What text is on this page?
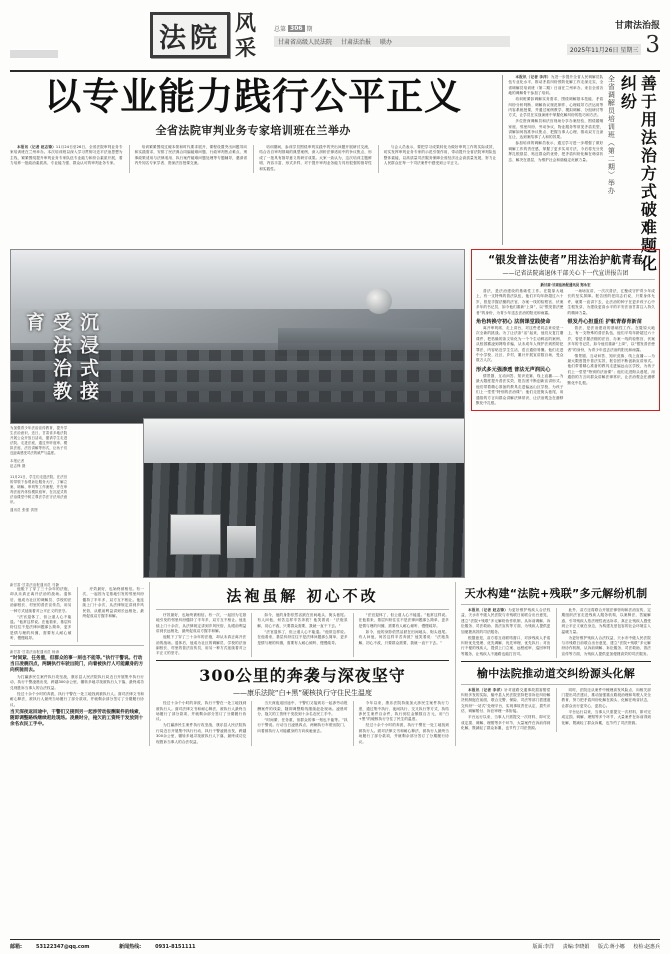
法院 风
采
总第 306 期
甘肃省高级人民法院 甘肃法治报 联办
甘肃法治报
2025年11月26日 星期三 3
以专业能力践行公平正义
全省法院审判业务专家培训班在兰举办

本报讯（记者 赵志锋）11月24日至26日，全省法院审判业务专家培训班在兰州举办。本次培训班以深入学习贯彻习近平法治思想为主线，紧紧围绕提升审判业务专家队伍专业能力和综合素质开展，着力培养一批政治素质高、专业能力强、群众认可的审判业务专家。

培训紧紧围绕过硬本领和时代要求展开，课程设置突出问题导向和实践需求，安排了民法典合同编疑难问题、行政审判热点难点、刑事政策适用与法律适用、执行案件疑难问题处理等专题辅导，邀请省内外知名专家学者、资深法官授课交流。

培训期间，参训学员围绕审判实践中的突出问题开展研讨交流，结合各自审判领域的典型案例，深入剖析法律适用中的争议焦点，形成了一批具有指导意义的研讨成果。大家一致认为，这次培训主题鲜明、内容丰富、形式多样，对于提升审判业务能力具有很强的指导性和实践性。

与会人员表示，要把学习成果转化为做好审判工作的实际成效，切实发挥审判业务专家的示范引领作用，带动提升全省法院审判队伍整体素能，以高质量司法服务保障全省经济社会高质量发展，努力让人民群众在每一个司法案件中感受到公平正义。

本报讯（记者 李洋）为进一步提升全省人民调解员队伍专业化水平，推动矛盾纠纷预防化解工作走深走实，全省调解员培训班（第二期）日前在兰州举办，来自全省各地的调解骨干参加了培训。

培训班紧扣调解实务需求，围绕调解基本技能、矛盾纠纷分析判断、调解协议规范制作、心理疏导方法运用等内容系统授课，并通过案例教学、模拟调解、分组研讨等方式，让学员在实战演练中掌握化解纠纷的技巧和方法。

多位资深调解员和法官现场分享办案经验，围绕婚姻家庭、邻里纠纷、劳动争议、物业服务等常见矛盾类型，讲解如何找准争议焦点、把握当事人心理、推动双方互谅互让，达到案结事了人和的效果。

参加培训的调解员表示，通过学习进一步增强了做好调解工作的责任感，掌握了更多实用方法，今后将充分发挥扎根基层、贴近群众的优势，把矛盾纠纷化解在萌芽状态、解决在基层，为维护社会和谐稳定贡献力量。	善于用法治方式破难题化纠纷
全省调解员培训班（第二期）举办
沉浸式接受法治教育
为加强青少年法治宣传教育，提升学生法治意识，近日，甘肃省多地法院开展公众开放日活动，邀请学生走进法院、走进法庭，通过旁听庭审、模拟法庭、法官讲解等形式，让孩子们近距离感受司法的威严与温度。
本报记者
赵志锋 摄
11月21日，学生们走进法院，在法官的带领下参观诉讼服务大厅，了解立案、调解、审判等工作流程，并在审判法庭内体验模拟庭审，在沉浸式的法治课堂中树立尊法学法守法用法意识。
通讯员 张强 供图
“银发普法使者”用法治护航青春
——记省法院离退休干部关心下一代宣讲报告团
新甘肃·甘肃法治报通讯员 郑永宏

普法，是法治建设的基础性工作。在陇原大地上，有一支特殊的普法队伍，他们平均年龄超过六十岁，曾是手握法槌的法官、办案一线的检察官、伏案多年的书记员，如今他们重新“上岗”，以“银发普法使者”的身份，为青少年送去法治的阳光和雨露。

角色转换守初心 法润课堂践使命

离开审判席，走上讲台，对这些老同志来说是一次全新的挑战。为了让法条“活”起来，他们反复打磨课件，把枯燥的条文转化为一个个生动鲜活的案例，从校园霸凌到网络诈骗，从未成年人保护法到预防犯罪法，内容贴近学生生活，语言通俗易懂。他们走进中小学校、社区、乡村，累计开展宣讲数百场，受众数万人次。

形式多元强渗透 普法无声润民心

情景剧、互动问答、知识竞赛、线上直播……为最大限度提升普法实效，报告团不断创新宣讲形式。他们带着精心准备的教具走进偏远山区学校，为孩子们上一堂堂“特别的法治课”；他们走进街头巷尾，用通俗的方言向群众讲解法律常识，让法治观念在潜移默化中扎根。

一场场宣讲，一次次普法，汇聚成守护青少年成长的坚实屏障。报告团的老同志们说，只要身体允许，就要一直讲下去，让法治的种子在更多孩子心中生根发芽，为建设更高水平的平安法治甘肃注入持久的精神力量。

银发丹心担重任 护航青春育新苗

普法，是法治建设的基础性工作。在陇原大地上，有一支特殊的普法队伍，他们平均年龄超过六十岁，曾是手握法槌的法官、办案一线的检察官、伏案多年的书记员，如今他们重新“上岗”，以“银发普法使者”的身份，为青少年送去法治的阳光和雨露。

情景剧、互动问答、知识竞赛、线上直播……为最大限度提升普法实效，报告团不断创新宣讲形式。他们带着精心准备的教具走进偏远山区学校，为孩子们上一堂堂“特别的法治课”；他们走进街头巷尾，用通俗的方言向群众讲解法律常识，让法治观念在潜移默化中扎根。

新甘肃·甘肃法治报通讯员 马静

他脱下了穿了三十余年的法袍，却从未真正离开法治的战场。退休后，他成为社区的调解员、学校的法治副校长、村里的普法宣传员，用另一种方式延续着对公平正义的坚守。

“法官退休了，但公道人心不能退。”他常这样说。在他看来，基层纠纷往往不是法律问题那么简单，更多是情与理的纠缠，需要有人耐心倾听、慢慢疏导。

疗效最好，也始终被相信。有一次，一起因为宅基地引发的邻里纠纷僵持了半年多，双方互不相让。他连续上门十余次，从法律规定讲到乡风民俗，从眼前利益讲到长远相处，最终促成双方握手和解。

新甘肃·甘肃法治报通讯员 杨涛
“时间紧、任务重，但群众的事一刻也不能等。”执行干警说。行动当日凌晨四点，两辆执行车驶出院门，向着被执行人可能藏身的方向疾驰而去。

为打赢涉民生案件执行攻坚战，康乐县人民法院执行局近日开展集中执行行动，执行干警凌晨出发，跨越300余公里，辗转多地寻找被执行人下落，最终成功兑现胜诉当事人的合法权益。

经过十余个小时的奔波，执行干警在一处工地找到被执行人。面对法律文书和耐心释法，被执行人最终当场履行了部分款项，并就剩余部分签订了分期履行协议。

当天深夜返回途中，干警们又接到另一起涉劳动报酬案件的线索，随即调整路线继续赶赴现场。凌晨时分，拖欠的工资终于发放到十余名农民工手中。
法袍虽解 初心不改

疗效最好，也始终被相信。有一次，一起因为宅基地引发的邻里纠纷僵持了半年多，双方互不相让。他连续上门十余次，从法律规定讲到乡风民俗，从眼前利益讲到长远相处，最终促成双方握手和解。

他脱下了穿了三十余年的法袍，却从未真正离开法治的战场。退休后，他成为社区的调解员、学校的法治副校长、村里的普法宣传员，用另一种方式延续着对公平正义的坚守。

如今，他的身影依然活跃在田间地头、街头巷尾。有人问他，何苦这样辛苦奔波？他笑着说：“法袍虽解，初心不改，只要群众需要，我就一直干下去。”

“法官退休了，但公道人心不能退。”他常这样说。在他看来，基层纠纷往往不是法律问题那么简单，更多是情与理的纠缠，需要有人耐心倾听、慢慢疏导。

“法官退休了，但公道人心不能退。”他常这样说。在他看来，基层纠纷往往不是法律问题那么简单，更多是情与理的纠缠，需要有人耐心倾听、慢慢疏导。

如今，他的身影依然活跃在田间地头、街头巷尾。有人问他，何苦这样辛苦奔波？他笑着说：“法袍虽解，初心不改，只要群众需要，我就一直干下去。”

300公里的奔袭与深夜坚守
——康乐法院“白+黑”硬核执行守住民生温度

经过十余个小时的奔波，执行干警在一处工地找到被执行人。面对法律文书和耐心释法，被执行人最终当场履行了部分款项，并就剩余部分签订了分期履行协议。

为打赢涉民生案件执行攻坚战，康乐县人民法院执行局近日开展集中执行行动，执行干警凌晨出发，跨越300余公里，辗转多地寻找被执行人下落，最终成功兑现胜诉当事人的合法权益。

当天深夜返回途中，干警们又接到另一起涉劳动报酬案件的线索，随即调整路线继续赶赴现场。凌晨时分，拖欠的工资终于发放到十余名农民工手中。

“时间紧、任务重，但群众的事一刻也不能等。”执行干警说。行动当日凌晨四点，两辆执行车驶出院门，向着被执行人可能藏身的方向疾驰而去。

今年以来，康乐法院持续加大涉民生案件执行力度，通过集中执行、夜间执行、交叉执行等方式，执结涉民生案件百余件，执行到位金额数百万元，用“白+黑”的硬核执行守住了民生的温度。

经过十余个小时的奔波，执行干警在一处工地找到被执行人。面对法律文书和耐心释法，被执行人最终当场履行了部分款项，并就剩余部分签订了分期履行协议。

天水构建“法院+残联”多元解纷机制

本报讯（记者 赵志锋）为更好维护残疾人合法权益，天水市中级人民法院与市残联日前联合出台意见，建立“法院+残联”多元解纷协作机制，从诉前调解、诉讼服务、司法救助、普法宣传等方面，为残疾人提供更加便捷高效的司法服务。

根据意见，双方将互设联络窗口，对涉残疾人矛盾纠纷优先受理、优先调解、优先审理、优先执行；对出行不便的残疾人，提供上门立案、远程庭审、巡回审判等服务，让残疾人不跑路也能打官司。

此外，双方还将联合开展法律咨询和法治宣传，定期组织法官走进残疾人服务机构，以案释法、答疑解惑，引导残疾人依法理性表达诉求，真正让残疾人感受到公平正义就在身边，为构建友爱包容的社会环境注入温暖力量。

为更好维护残疾人合法权益，天水市中级人民法院与市残联日前联合出台意见，建立“法院+残联”多元解纷协作机制，从诉前调解、诉讼服务、司法救助、普法宣传等方面，为残疾人提供更加便捷高效的司法服务。

榆中法院推动道交纠纷源头化解

本报讯（记者 李洋）针对道路交通事故损害赔偿纠纷多发的实际，榆中县人民法院坚持把非诉讼纠纷解决机制挺在前面，联合交警、保险、司法等部门搭建道交纠纷“一站式”处理平台，实现事故责任认定、损失评估、调解赔付、诉讼审理一体衔接。

平台运行以来，当事人只需提交一次材料，即可完成定损、调解、理赔等多个环节，大量案件在诉前得到化解，既减轻了群众诉累，也节约了司法资源。

同时，法院还从案件中梳理高发风险点，向相关部门提出司法建议，推动加强重点路段治理和驾驶人安全教育，努力把矛盾纠纷化解在源头、化解在萌芽状态，让群众出行更安心、更放心。

平台运行以来，当事人只需提交一次材料，即可完成定损、调解、理赔等多个环节，大量案件在诉前得到化解，既减轻了群众诉累，也节约了司法资源。

邮箱:	53122347@qq.com	新闻热线:	0931-8151111	版面:李洋 责编:李晓娟 版式:蒋小娜 校检:赵惠兵
